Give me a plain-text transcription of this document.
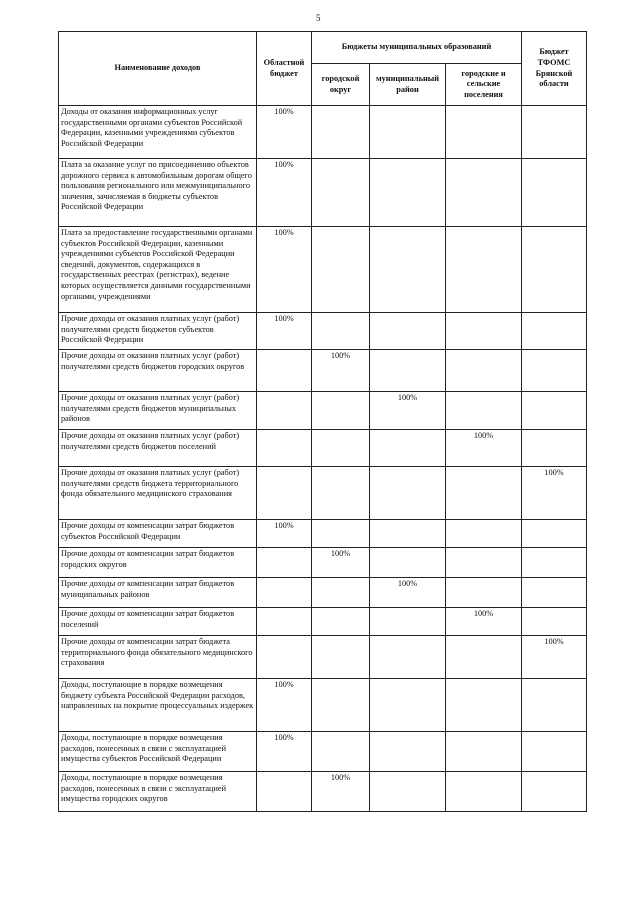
5
Наименование доходов	Областной бюджет	Бюджеты муниципальных образований			Бюджет ТФОМС Брянской области
		городской округ	муниципальный район	городские и сельские поселения	
Доходы от оказания информационных услуг государственными органами субъектов Российской Федерации, казенными учреждениями субъектов Российской Федерации	100%				
Плата за оказание услуг по присоединению объектов дорожного сервиса к автомобильным дорогам общего пользования регионального или межмуниципального значения, зачисляемая в бюджеты субъектов Российской Федерации	100%				
Плата за предоставление государственными органами субъектов Российской Федерации, казенными учреждениями субъектов Российской Федерации сведений, документов, содержащихся в государственных реестрах (регистрах), ведение которых осуществляется данными государственными органами, учреждениями	100%				
Прочие доходы от оказания платных услуг (работ) получателями средств бюджетов субъектов Российской Федерации	100%				
Прочие доходы от оказания платных услуг (работ) получателями средств бюджетов городских округов		100%			
Прочие доходы от оказания платных услуг (работ) получателями средств бюджетов муниципальных районов			100%		
Прочие доходы от оказания платных услуг (работ) получателями средств бюджетов поселений				100%	
Прочие доходы от оказания платных услуг (работ) получателями средств бюджета территориального фонда обязательного медицинского страхования					100%
Прочие доходы от компенсации затрат бюджетов субъектов Российской Федерации	100%				
Прочие доходы от компенсации затрат бюджетов городских округов		100%			
Прочие доходы от компенсации затрат бюджетов муниципальных районов			100%		
Прочие доходы от компенсации затрат бюджетов поселений				100%	
Прочие доходы от компенсации затрат бюджета территориального фонда обязательного медицинского страхования					100%
Доходы, поступающие в порядке возмещения бюджету субъекта Российской Федерации расходов, направленных на покрытие процессуальных издержек	100%				
Доходы, поступающие в порядке возмещения расходов, понесенных в связи с эксплуатацией имущества субъектов Российской Федерации	100%				
Доходы, поступающие в порядке возмещения расходов, понесенных в связи с эксплуатацией имущества городских округов		100%			
